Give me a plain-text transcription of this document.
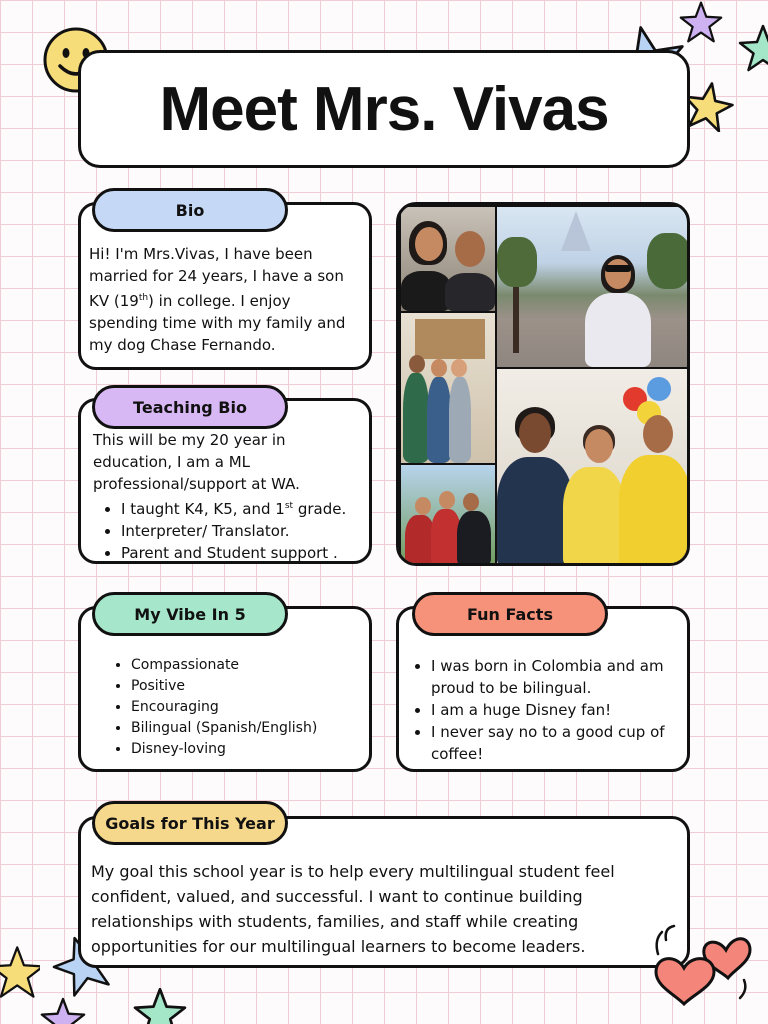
Meet Mrs. Vivas
Hi! I'm Mrs.Vivas, I have been married for 24 years, I have a son KV (19th) in college. I enjoy spending time with my family and my dog Chase Fernando.
Bio
This will be my 20 year in education, I am a ML professional/support at WA.
• I taught K4, K5, and 1st grade.
• Interpreter/ Translator.
• Parent and Student support .
Teaching Bio
• Compassionate
• Positive
• Encouraging
• Bilingual (Spanish/English)
• Disney-loving
My Vibe In 5
• I was born in Colombia and am proud to be bilingual.
• I am a huge Disney fan!
• I never say no to a good cup of coffee!
Fun Facts
My goal this school year is to help every multilingual student feel confident, valued, and successful. I want to continue building relationships with students, families, and staff while creating opportunities for our multilingual learners to become leaders.
Goals for This Year
